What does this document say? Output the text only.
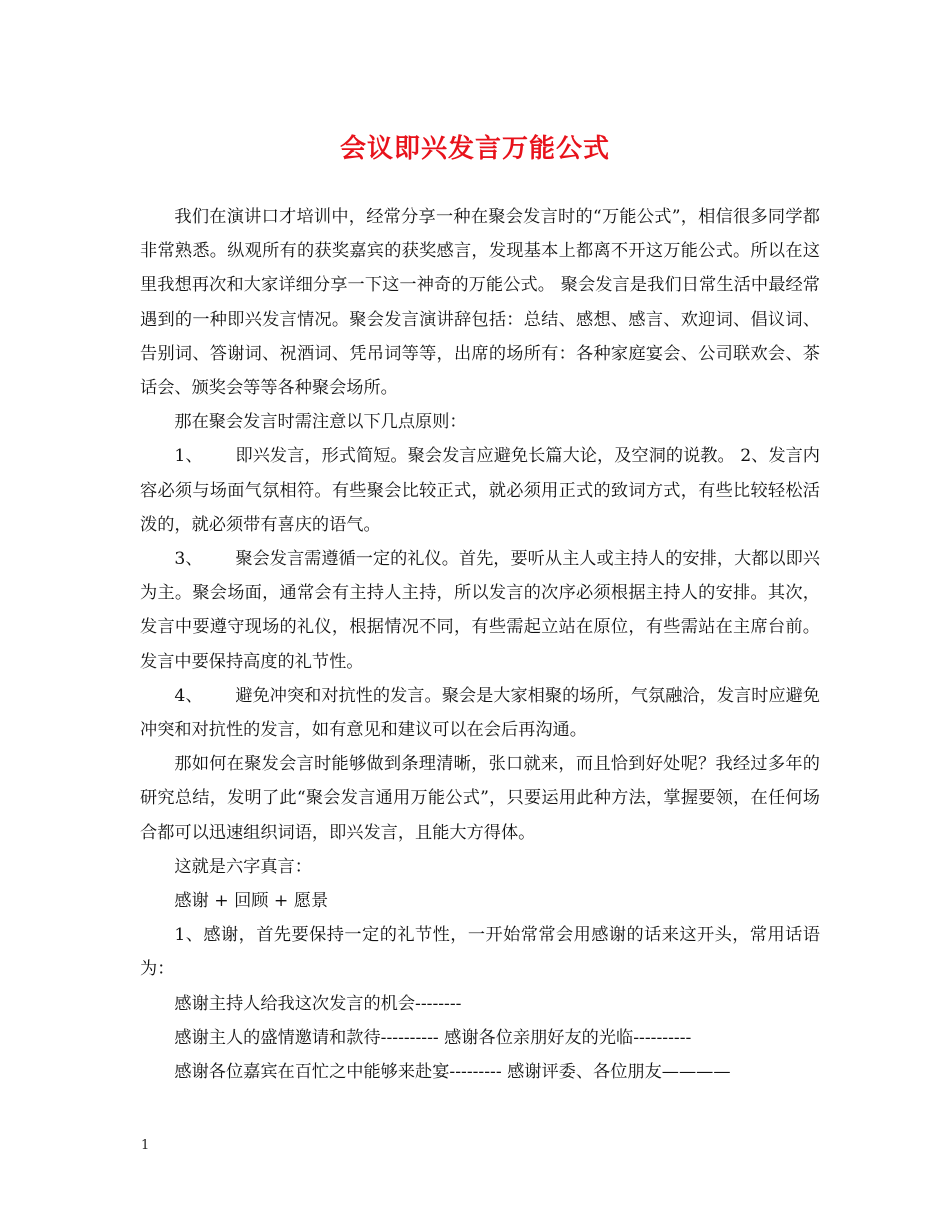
会议即兴发言万能公式

我们在演讲口才培训中，经常分享一种在聚会发言时的“万能公式”，相信很多同学都非常熟悉。纵观所有的获奖嘉宾的获奖感言，发现基本上都离不开这万能公式。所以在这里我想再次和大家详细分享一下这一神奇的万能公式。 聚会发言是我们日常生活中最经常遇到的一种即兴发言情况。聚会发言演讲辞包括：总结、感想、感言、欢迎词、倡议词、告别词、答谢词、祝酒词、凭吊词等等，出席的场所有：各种家庭宴会、公司联欢会、茶话会、颁奖会等等各种聚会场所。

那在聚会发言时需注意以下几点原则：

1、      即兴发言，形式简短。聚会发言应避免长篇大论，及空洞的说教。 2、发言内容必须与场面气氛相符。有些聚会比较正式，就必须用正式的致词方式，有些比较轻松活泼的，就必须带有喜庆的语气。

3、      聚会发言需遵循一定的礼仪。首先，要听从主人或主持人的安排，大都以即兴为主。聚会场面，通常会有主持人主持，所以发言的次序必须根据主持人的安排。其次，发言中要遵守现场的礼仪，根据情况不同，有些需起立站在原位，有些需站在主席台前。发言中要保持高度的礼节性。

4、      避免冲突和对抗性的发言。聚会是大家相聚的场所，气氛融洽，发言时应避免冲突和对抗性的发言，如有意见和建议可以在会后再沟通。

那如何在聚发会言时能够做到条理清晰，张口就来，而且恰到好处呢？我经过多年的研究总结，发明了此“聚会发言通用万能公式”，只要运用此种方法，掌握要领，在任何场合都可以迅速组织词语，即兴发言，且能大方得体。

这就是六字真言：

感谢 + 回顾 + 愿景

1、感谢，首先要保持一定的礼节性，一开始常常会用感谢的话来这开头，常用话语为：

感谢主持人给我这次发言的机会--------

感谢主人的盛情邀请和款待---------- 感谢各位亲朋好友的光临----------

感谢各位嘉宾在百忙之中能够来赴宴--------- 感谢评委、各位朋友————

1
